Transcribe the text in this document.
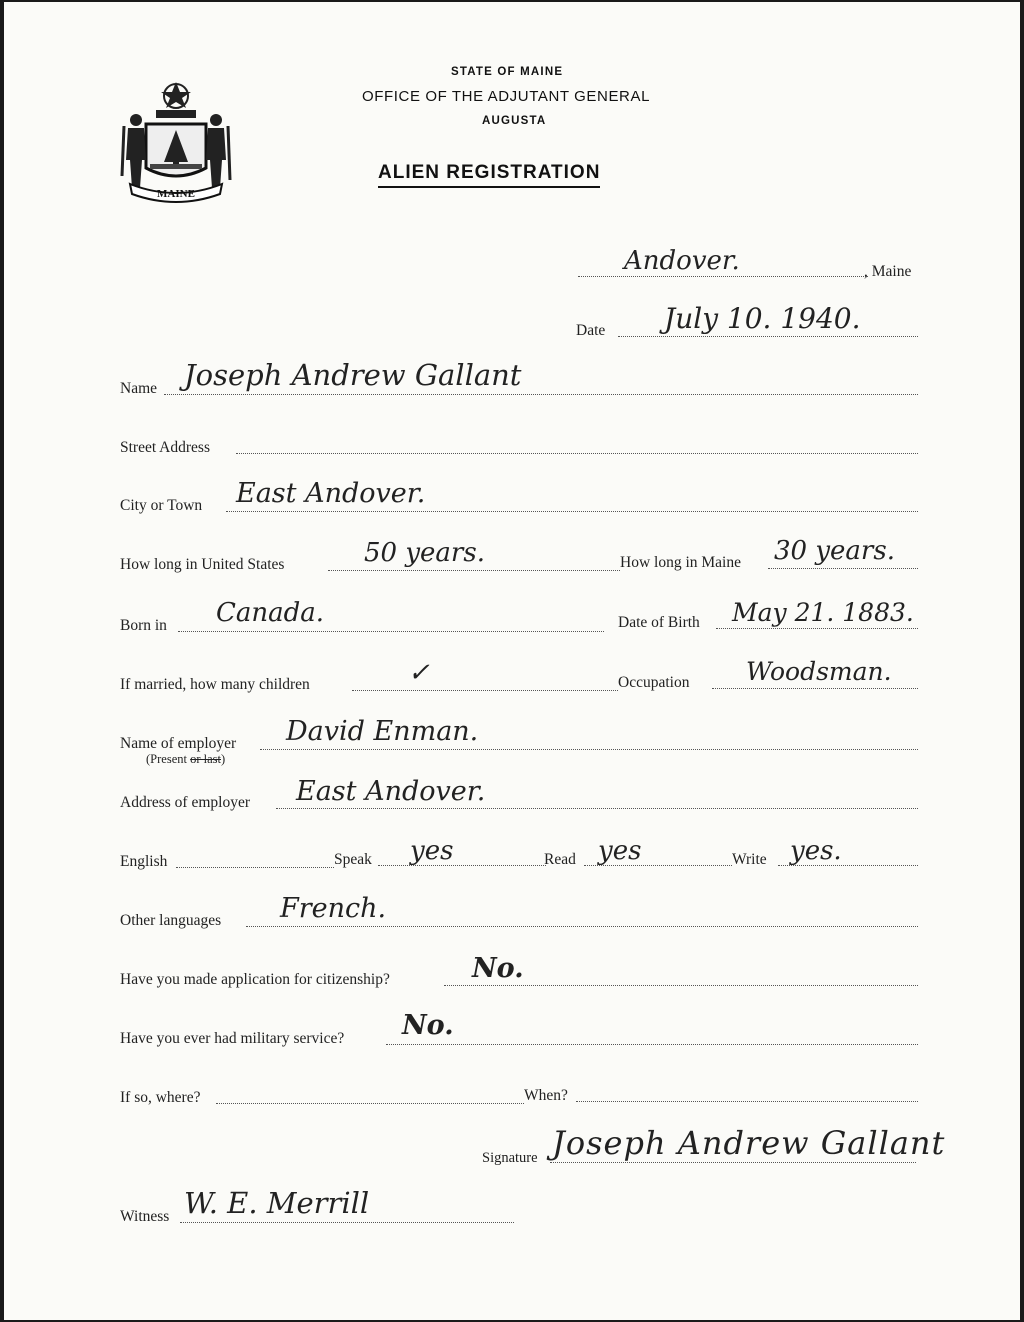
MAINE
STATE OF MAINE
OFFICE OF THE ADJUTANT GENERAL
AUGUSTA
ALIEN REGISTRATION
Andover.	, Maine
Date July 10. 1940.
Name Joseph Andrew Gallant
Street Address
City or Town East Andover.
How long in United States	50 years.	How long in Maine 30 years.
Born in Canada.	Date of Birth May 21. 1883.
If married, how many children	✓	Occupation Woodsman.
Name of employer David Enman.
(Present or last)
Address of employer East Andover.
English	Speak yes	Read yes	Write yes.
Other languages French.
Have you made application for citizenship?	No.
Have you ever had military service? No.
If so, where?	When?
Signature Joseph Andrew Gallant
Witness W. E. Merrill
